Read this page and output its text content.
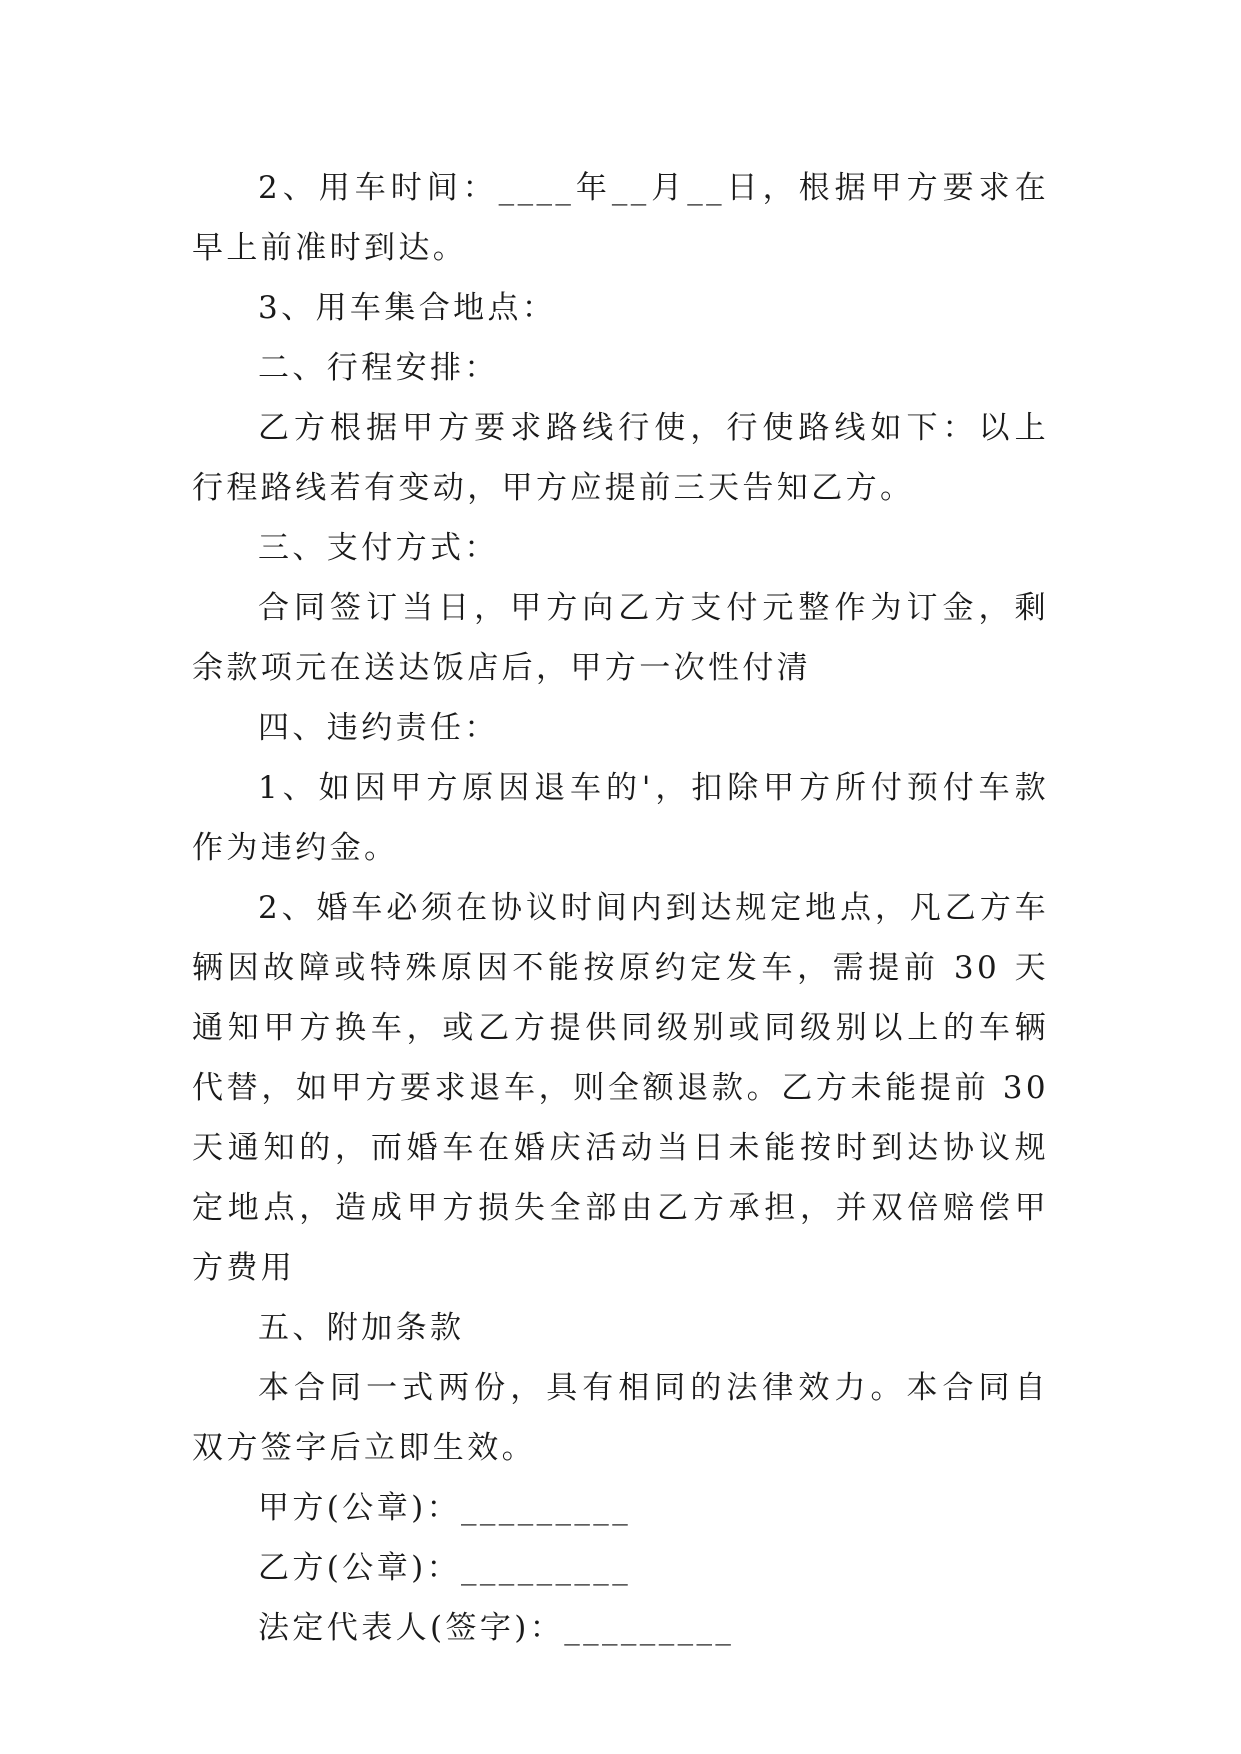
2、用车时间：____年__月__日，根据甲方要求在早上前准时到达。

3、用车集合地点：

二、行程安排：

乙方根据甲方要求路线行使，行使路线如下：以上行程路线若有变动，甲方应提前三天告知乙方。

三、支付方式：

合同签订当日，甲方向乙方支付元整作为订金，剩余款项元在送达饭店后，甲方一次性付清

四、违约责任：

1、如因甲方原因退车的'，扣除甲方所付预付车款作为违约金。

2、婚车必须在协议时间内到达规定地点，凡乙方车辆因故障或特殊原因不能按原约定发车，需提前 30 天通知甲方换车，或乙方提供同级别或同级别以上的车辆代替，如甲方要求退车，则全额退款。乙方未能提前 30 天通知的，而婚车在婚庆活动当日未能按时到达协议规定地点，造成甲方损失全部由乙方承担，并双倍赔偿甲方费用

五、附加条款

本合同一式两份，具有相同的法律效力。本合同自双方签字后立即生效。

甲方(公章)：_________

乙方(公章)：_________

法定代表人(签字)：_________
